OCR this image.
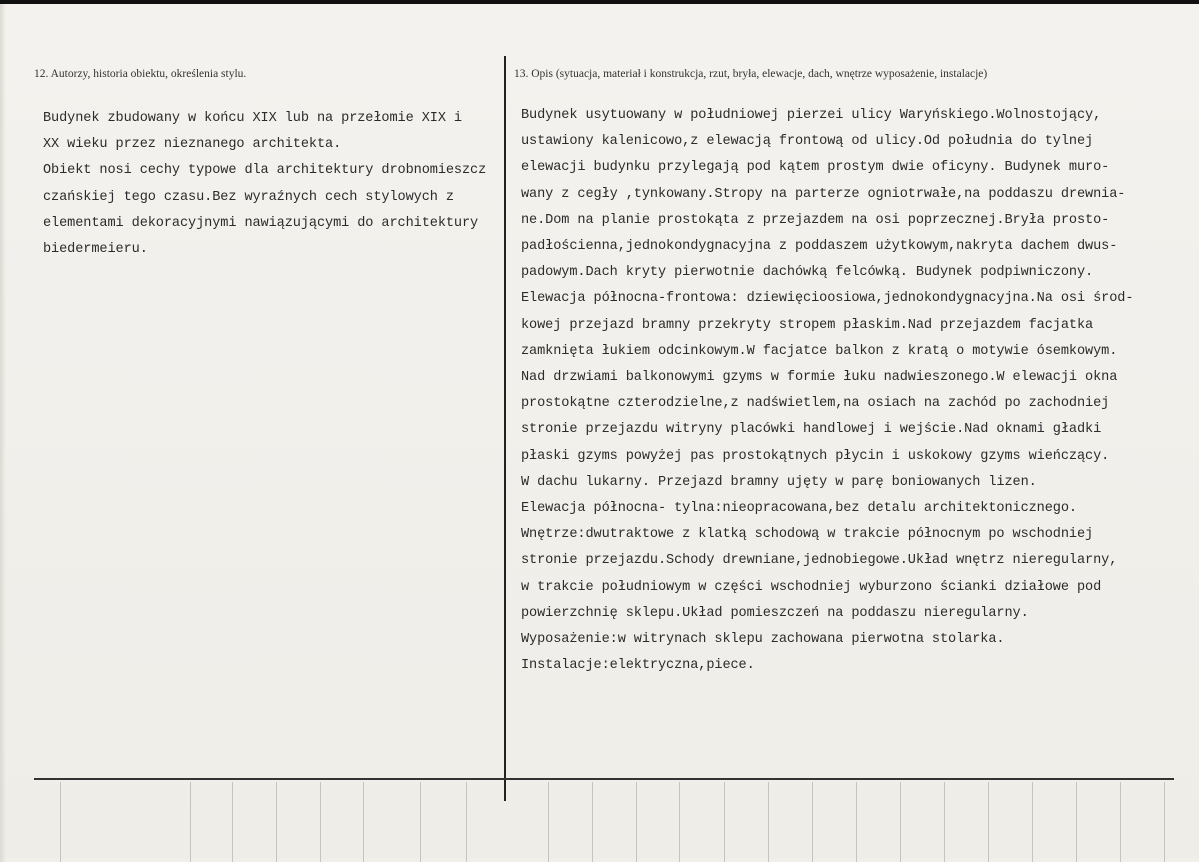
12. Autorzy, historia obiektu, określenia stylu.	13. Opis (sytuacja, materiał i konstrukcja, rzut, bryła, elewacje, dach, wnętrze wyposażenie, instalacje)
Budynek zbudowany w końcu XIX lub na przełomie XIX i
XX wieku przez nieznanego architekta.
Obiekt nosi cechy typowe dla architektury drobnomieszcz
czańskiej tego czasu.Bez wyraźnych cech stylowych z
elementami dekoracyjnymi nawiązującymi do architektury
biedermeieru.
Budynek usytuowany w południowej pierzei ulicy Waryńskiego.Wolnostojący,
ustawiony kalenicowo,z elewacją frontową od ulicy.Od południa do tylnej
elewacji budynku przylegają pod kątem prostym dwie oficyny. Budynek muro-
wany z cegły ,tynkowany.Stropy na parterze ogniotrwałe,na poddaszu drewnia-
ne.Dom na planie prostokąta z przejazdem na osi poprzecznej.Bryła prosto-
padłościenna,jednokondygnacyjna z poddaszem użytkowym,nakryta dachem dwus-
padowym.Dach kryty pierwotnie dachówką felcówką. Budynek podpiwniczony.
Elewacja północna-frontowa: dziewięcioosiowa,jednokondygnacyjna.Na osi środ-
kowej przejazd bramny przekryty stropem płaskim.Nad przejazdem facjatka
zamknięta łukiem odcinkowym.W facjatce balkon z kratą o motywie ósemkowym.
Nad drzwiami balkonowymi gzyms w formie łuku nadwieszonego.W elewacji okna
prostokątne czterodzielne,z nadświetlem,na osiach na zachód po zachodniej
stronie przejazdu witryny placówki handlowej i wejście.Nad oknami gładki
płaski gzyms powyżej pas prostokątnych płycin i uskokowy gzyms wieńczący.
W dachu lukarny. Przejazd bramny ujęty w parę boniowanych lizen.
Elewacja północna- tylna:nieopracowana,bez detalu architektonicznego.
Wnętrze:dwutraktowe z klatką schodową w trakcie północnym po wschodniej
stronie przejazdu.Schody drewniane,jednobiegowe.Układ wnętrz nieregularny,
w trakcie południowym w części wschodniej wyburzono ścianki działowe pod
powierzchnię sklepu.Układ pomieszczeń na poddaszu nieregularny.
Wyposażenie:w witrynach sklepu zachowana pierwotna stolarka.
Instalacje:elektryczna,piece.
